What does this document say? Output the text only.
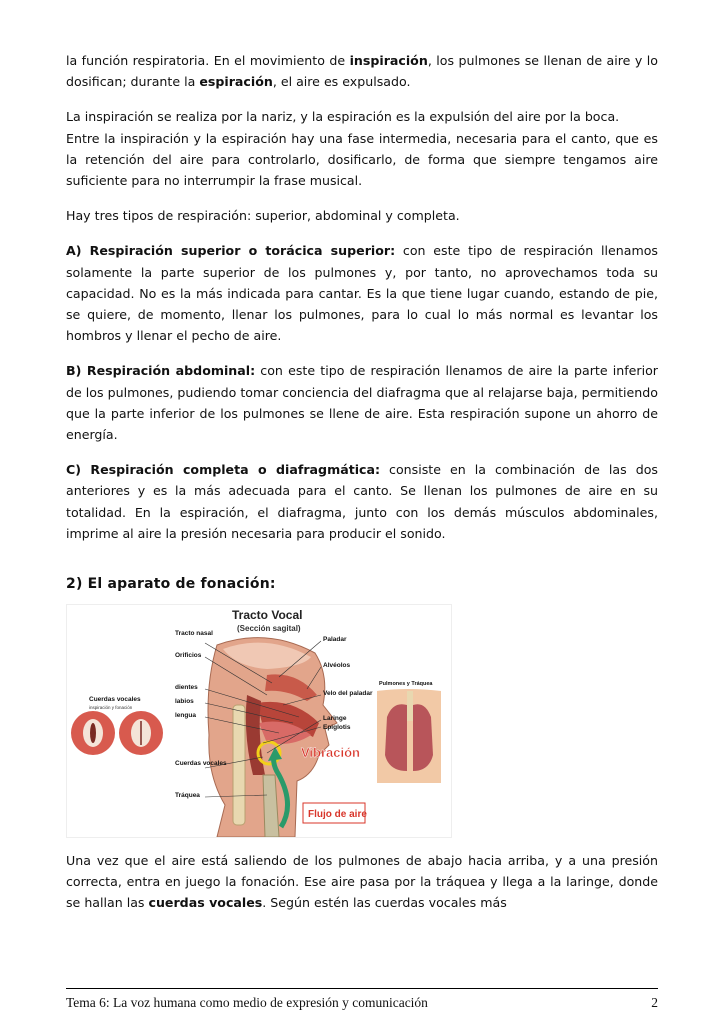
la función respiratoria. En el movimiento de inspiración, los pulmones se llenan de aire y lo dosifican; durante la espiración, el aire es expulsado.

La inspiración se realiza por la nariz, y la espiración es la expulsión del aire por la boca.

Entre la inspiración y la espiración hay una fase intermedia, necesaria para el canto, que es la retención del aire para controlarlo, dosificarlo, de forma que siempre tengamos aire suficiente para no interrumpir la frase musical.

Hay tres tipos de respiración: superior, abdominal y completa.

A) Respiración superior o torácica superior: con este tipo de respiración llenamos solamente la parte superior de los pulmones y, por tanto, no aprovechamos toda su capacidad. No es la más indicada para cantar. Es la que tiene lugar cuando, estando de pie, se quiere, de momento, llenar los pulmones, para lo cual lo más normal es levantar los hombros y llenar el pecho de aire.

B) Respiración abdominal: con este tipo de respiración llenamos de aire la parte inferior de los pulmones, pudiendo tomar conciencia del diafragma que al relajarse baja, permitiendo que la parte inferior de los pulmones se llene de aire. Esta respiración supone un ahorro de energía.

C) Respiración completa o diafragmática: consiste en la combinación de las dos anteriores y es la más adecuada para el canto. Se llenan los pulmones de aire en su totalidad. En la espiración, el diafragma, junto con los demás músculos abdominales, imprime al aire la presión necesaria para producir el sonido.

2) El aparato de fonación:
Tracto Vocal
(Sección sagital)
Tracto nasal
Orificios
dientes
labios
lengua
Paladar
Alvéolos
Velo del paladar
Laringe
Epiglotis
Cuerdas vocales
Tráquea
Cuerdas vocales
inspiración y fonación
Pulmones y Tráquea
Vibración
Flujo de aire

Una vez que el aire está saliendo de los pulmones de abajo hacia arriba, y a una presión correcta, entra en juego la fonación. Ese aire pasa por la tráquea y llega a la laringe, donde se hallan las cuerdas vocales. Según estén las cuerdas vocales más

Tema 6: La voz humana como medio de expresión y comunicación	2
